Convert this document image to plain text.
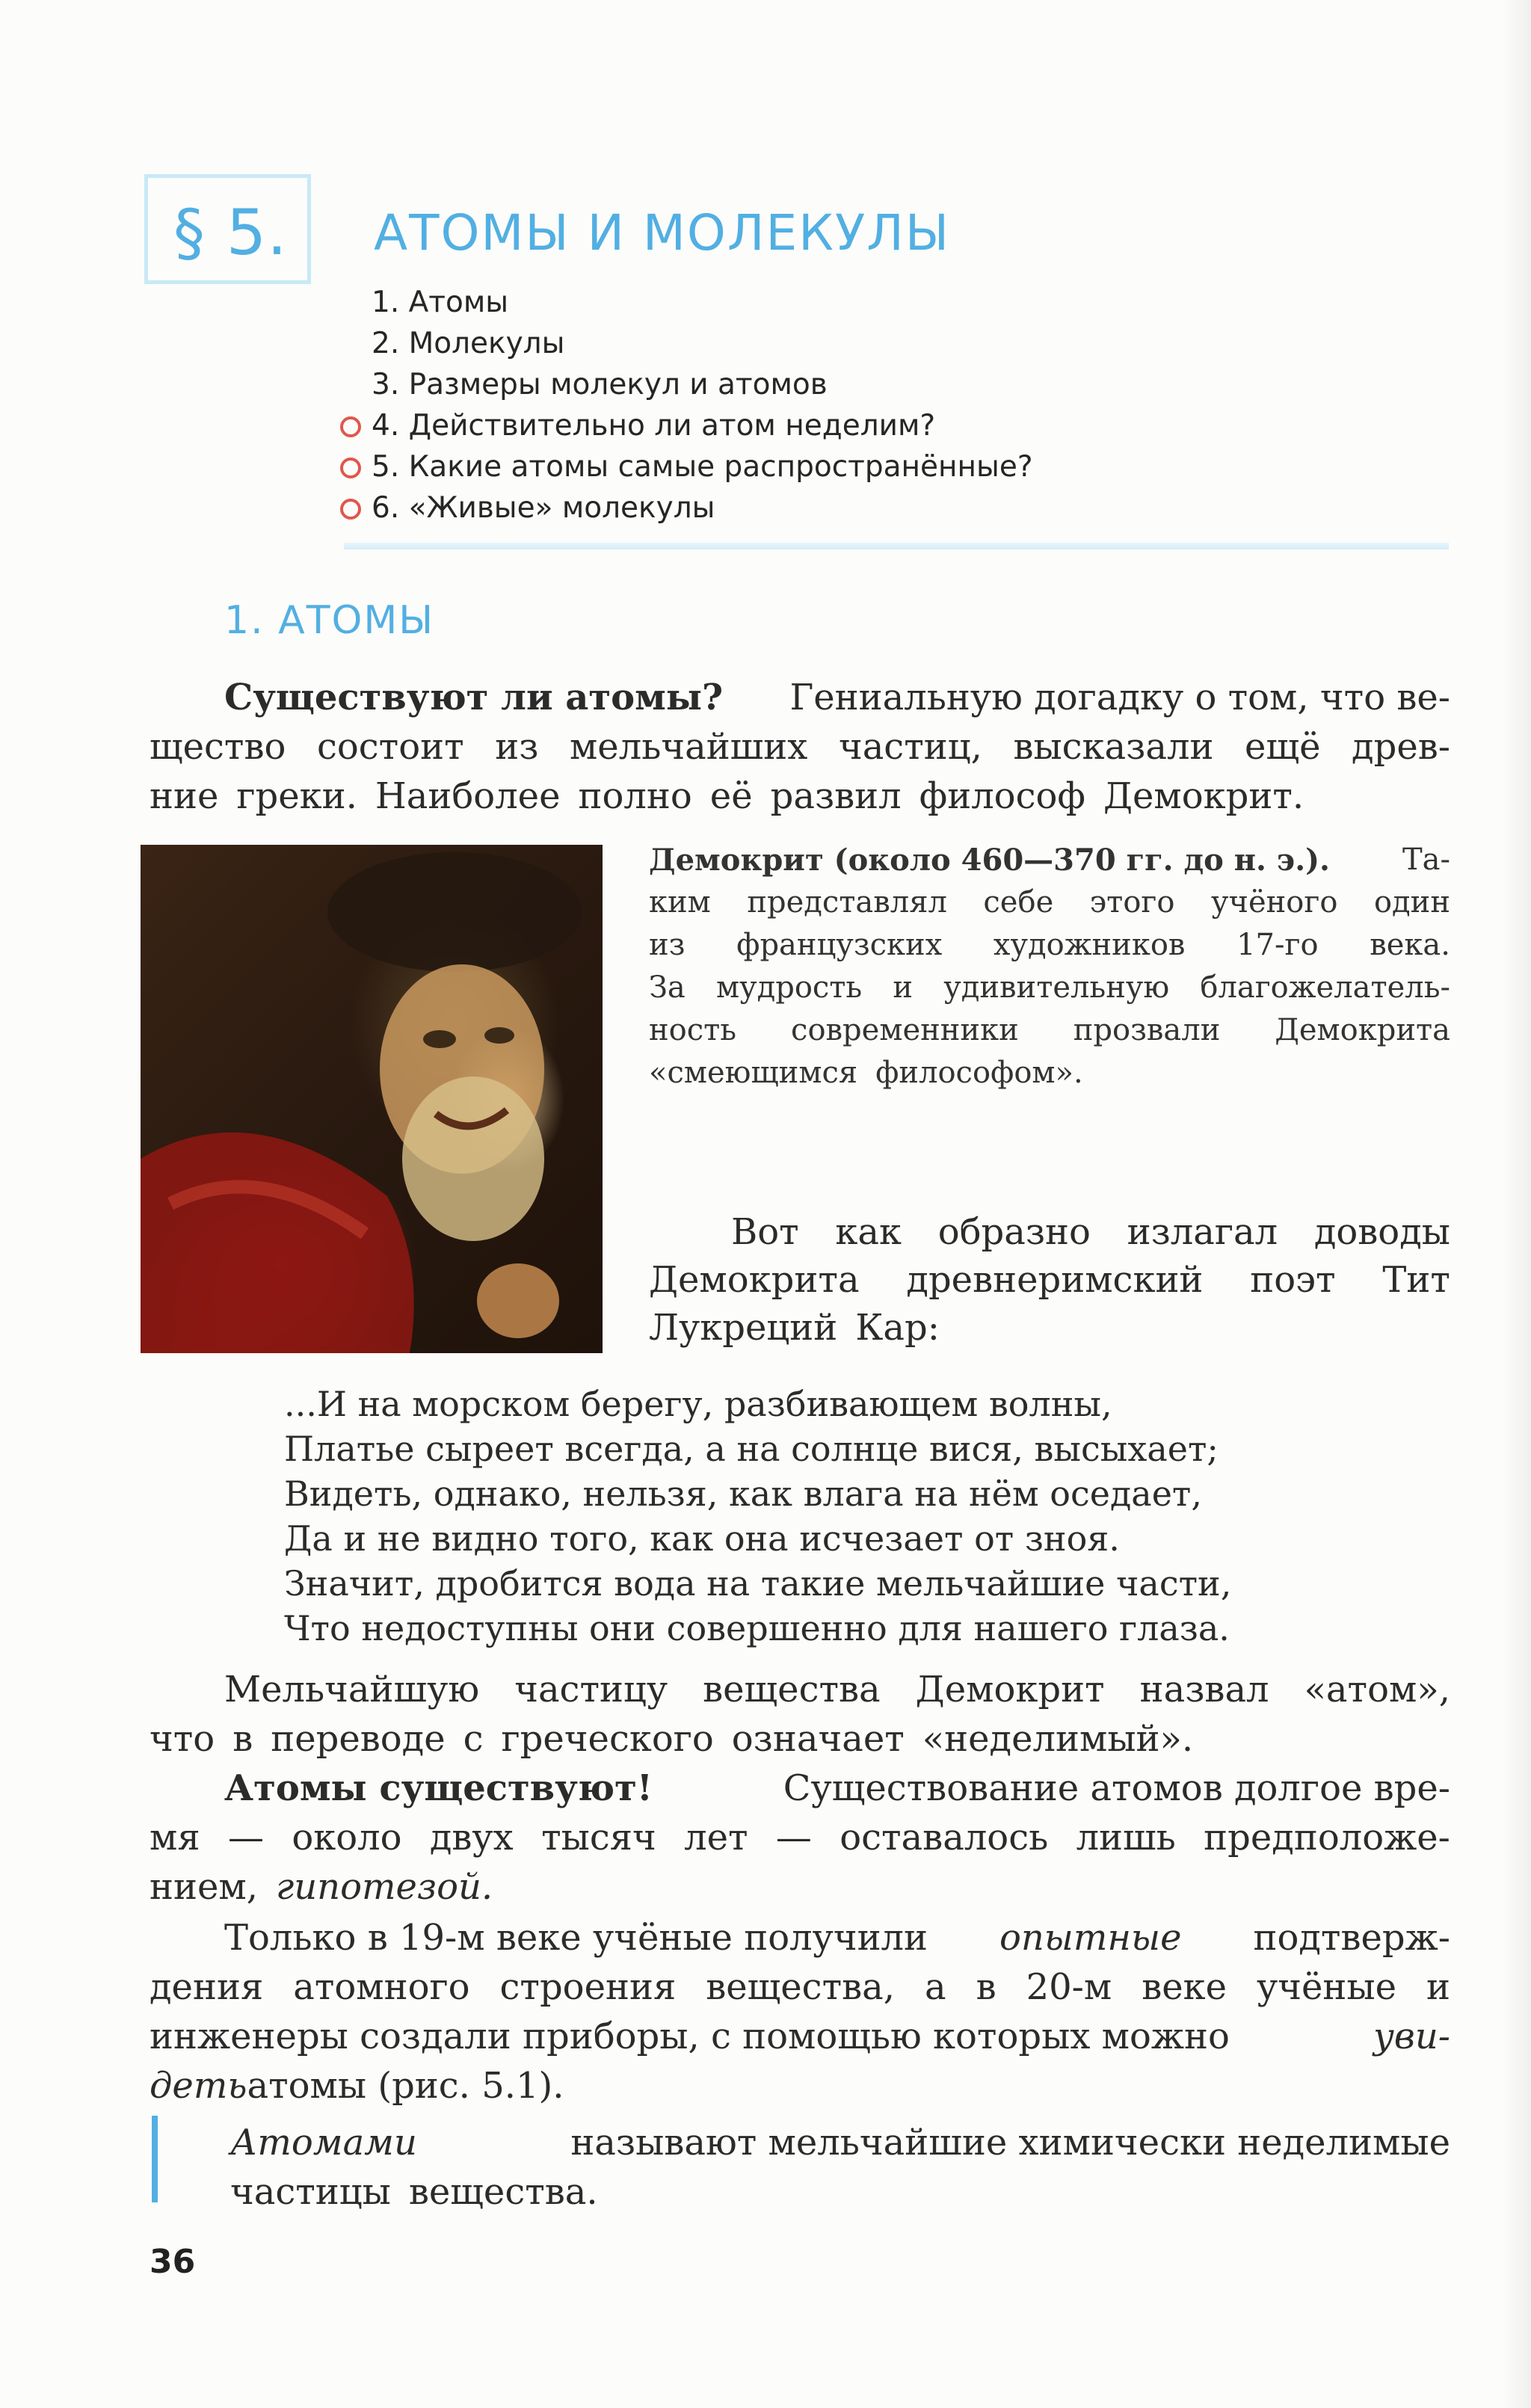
§ 5. АТОМЫ И МОЛЕКУЛЫ
1. Атомы
2. Молекулы
3. Размеры молекул и атомов
4. Действительно ли атом неделим?
5. Какие атомы самые распространённые?
6. «Живые» молекулы
1. АТОМЫ
Существуют ли атомы? Гениальную догадку о том, что ве-
щество состоит из мельчайших частиц, высказали ещё древ-
ние греки. Наиболее полно её развил философ Демокрит.
Демокрит (около 460—370 гг. до н. э.). Та-
ким представлял себе этого учёного один
из французских художников 17-го века.
За мудрость и удивительную благожелатель-
ность современники прозвали Демокрита
«смеющимся философом».
Вот как образно излагал доводы
Демокрита древнеримский поэт Тит
Лукреций Кар:
...И на морском берегу, разбивающем волны,
Платье сыреет всегда, а на солнце вися, высыхает;
Видеть, однако, нельзя, как влага на нём оседает,
Да и не видно того, как она исчезает от зноя.
Значит, дробится вода на такие мельчайшие части,
Что недоступны они совершенно для нашего глаза.
Мельчайшую частицу вещества Демокрит назвал «атом»,
что в переводе с греческого означает «неделимый».
Атомы существуют!	Существование атомов долгое вре-
мя — около двух тысяч лет — оставалось лишь предположе-
нием, гипотезой.
Только в 19-м веке учёные получили опытные подтверж-
дения атомного строения вещества, а в 20-м веке учёные и
инженеры создали приборы, с помощью которых можно	уви-
деть атомы (рис. 5.1).
Атомами	называют мельчайшие химически неделимые
частицы вещества.
36
